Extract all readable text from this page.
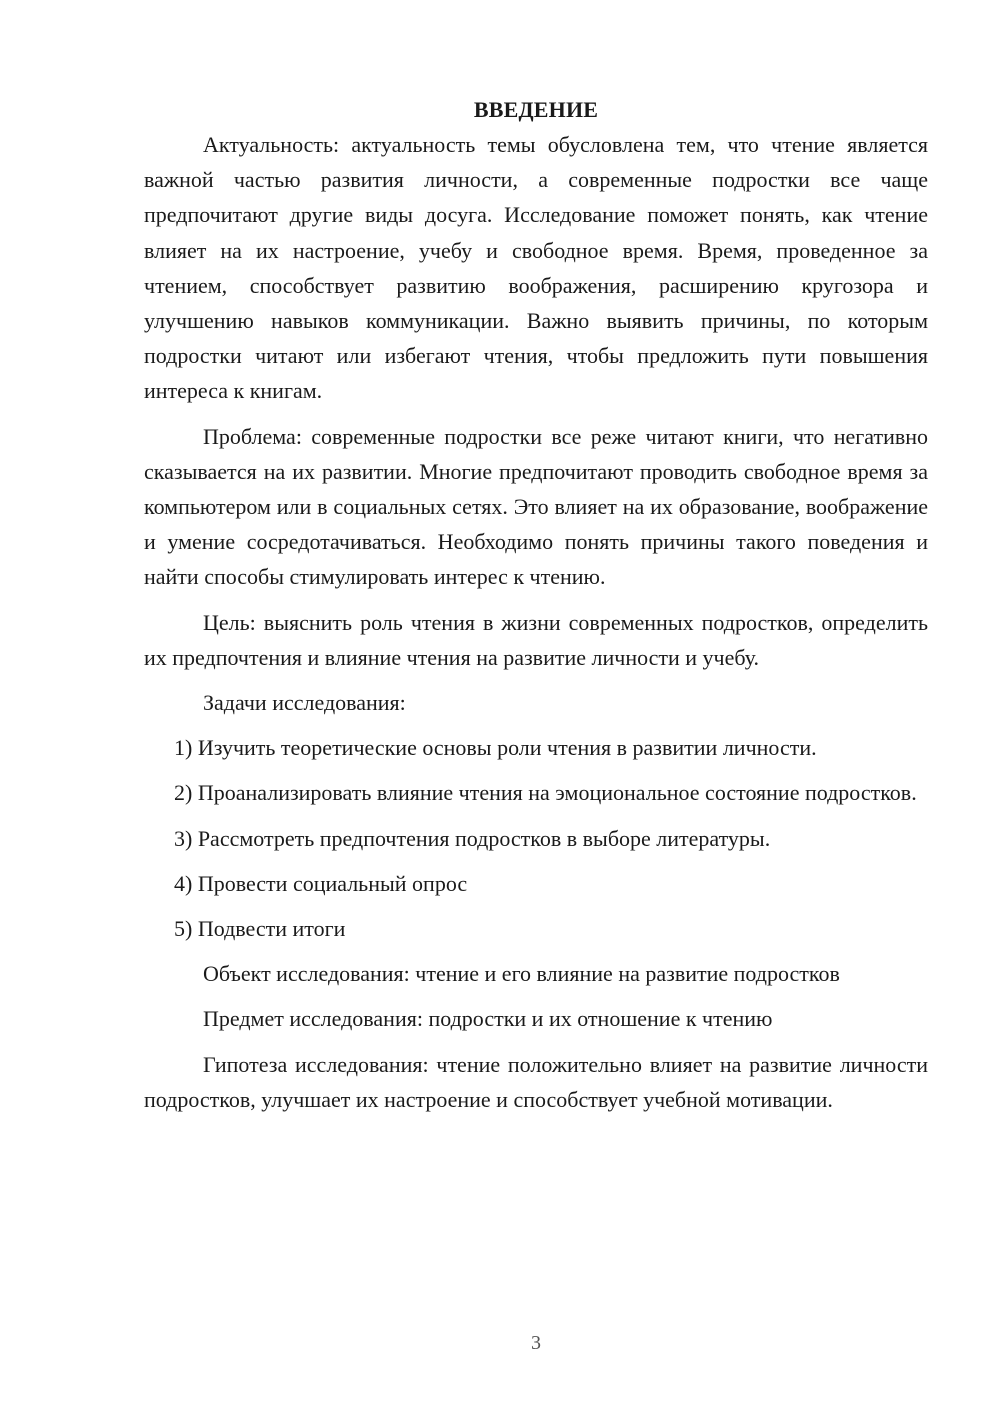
ВВЕДЕНИЕ

Актуальность: актуальность темы обусловлена тем, что чтение является важной частью развития личности, а современные подростки все чаще предпочитают другие виды досуга. Исследование поможет понять, как чтение влияет на их настроение, учебу и свободное время. Время, проведенное за чтением, способствует развитию воображения, расширению кругозора и улучшению навыков коммуникации. Важно выявить причины, по которым подростки читают или избегают чтения, чтобы предложить пути повышения интереса к книгам.

Проблема: современные подростки все реже читают книги, что негативно сказывается на их развитии. Многие предпочитают проводить свободное время за компьютером или в социальных сетях. Это влияет на их образование, воображение и умение сосредотачиваться. Необходимо понять причины такого поведения и найти способы стимулировать интерес к чтению.

Цель: выяснить роль чтения в жизни современных подростков, определить их предпочтения и влияние чтения на развитие личности и учебу.

Задачи исследования:

1) Изучить теоретические основы роли чтения в развитии личности.

2) Проанализировать влияние чтения на эмоциональное состояние подростков.

3) Рассмотреть предпочтения подростков в выборе литературы.

4) Провести социальный опрос

5) Подвести итоги

Объект исследования: чтение и его влияние на развитие подростков
Предмет исследования: подростки и их отношение к чтению

Гипотеза исследования: чтение положительно влияет на развитие личности подростков, улучшает их настроение и способствует учебной мотивации.

3
